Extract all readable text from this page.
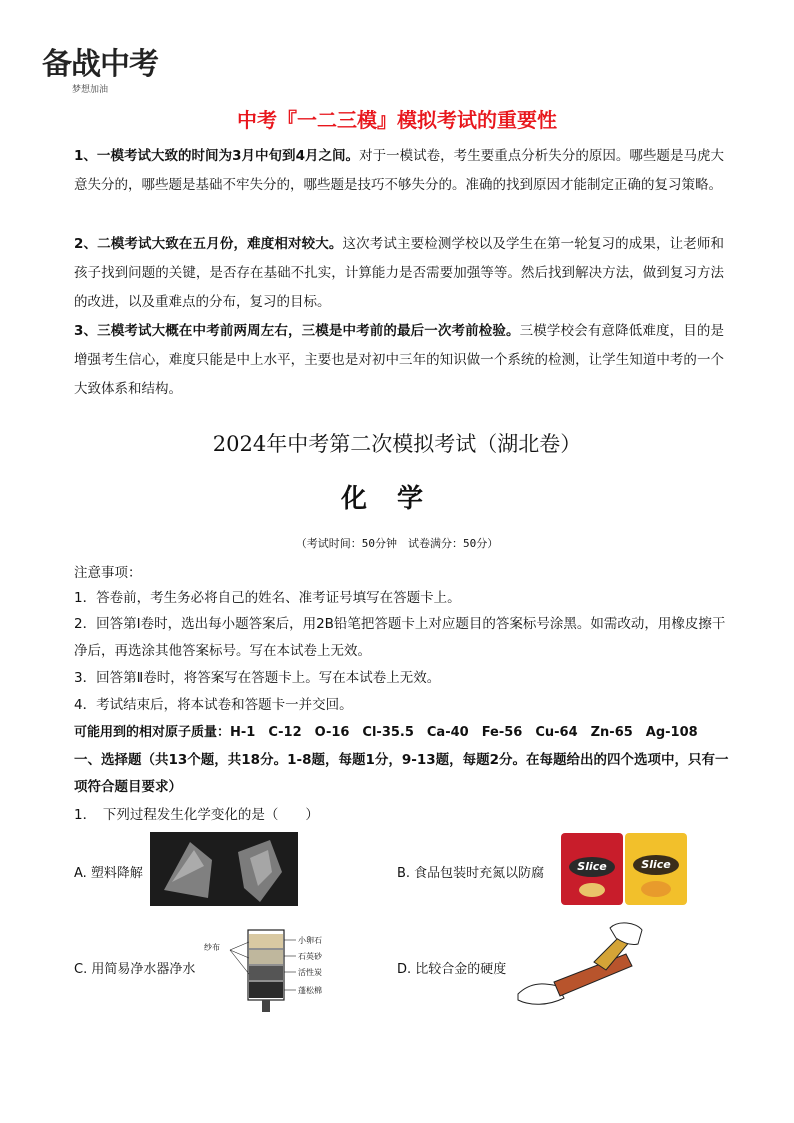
备战中考
梦想加油
中考『一二三模』模拟考试的重要性
1、一模考试大致的时间为3月中旬到4月之间。对于一模试卷，考生要重点分析失分的原因。哪些题是马虎大意失分的，哪些题是基础不牢失分的，哪些题是技巧不够失分的。准确的找到原因才能制定正确的复习策略。
2、二模考试大致在五月份，难度相对较大。这次考试主要检测学校以及学生在第一轮复习的成果，让老师和孩子找到问题的关键，是否存在基础不扎实，计算能力是否需要加强等等。然后找到解决方法，做到复习方法的改进，以及重难点的分布，复习的目标。
3、三模考试大概在中考前两周左右，三模是中考前的最后一次考前检验。三模学校会有意降低难度，目的是增强考生信心，难度只能是中上水平，主要也是对初中三年的知识做一个系统的检测，让学生知道中考的一个大致体系和结构。
2024年中考第二次模拟考试（湖北卷）
化学
（考试时间：50分钟　试卷满分：50分）
注意事项：
1．答卷前，考生务必将自己的姓名、准考证号填写在答题卡上。
2．回答第Ⅰ卷时，选出每小题答案后，用2B铅笔把答题卡上对应题目的答案标号涂黑。如需改动，用橡皮擦干净后，再选涂其他答案标号。写在本试卷上无效。
3．回答第Ⅱ卷时，将答案写在答题卡上。写在本试卷上无效。
4．考试结束后，将本试卷和答题卡一并交回。
可能用到的相对原子质量：H-1　C-12　O-16　Cl-35.5　Ca-40　Fe-56　Cu-64　Zn-65　Ag-108
一、选择题（共13个题，共18分。1-8题，每题1分，9-13题，每题2分。在每题给出的四个选项中，只有一项符合题目要求）
1．　下列过程发生化学变化的是（　　）
A. 塑料降解	B. 食品包装时充氮以防腐	Slice	Slice
C. 用简易净水器净水
纱布
小卵石
石英砂
活性炭
蓬松棉
D. 比较合金的硬度
